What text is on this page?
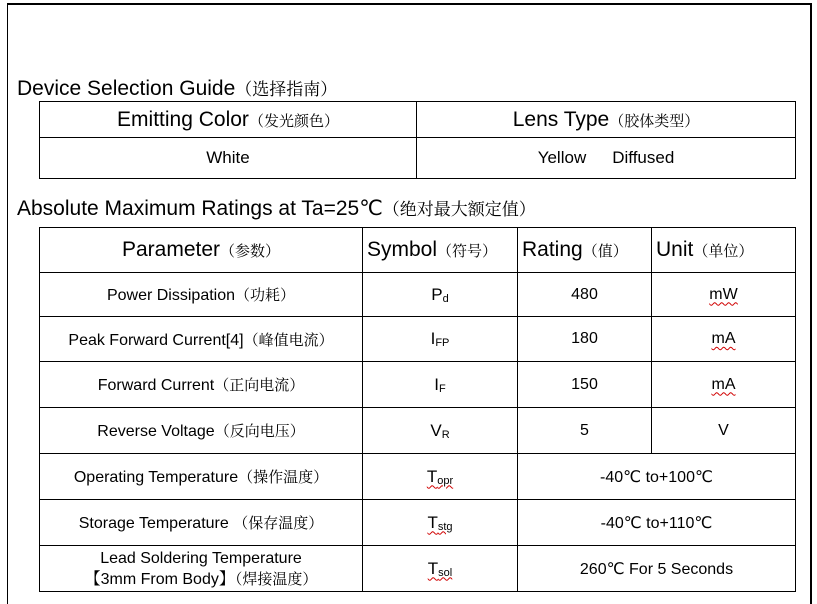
Device Selection Guide（选择指南）
Emitting Color（发光颜色）	Lens Type（胶体类型）
White	Yellow Diffused
Absolute Maximum Ratings at Ta=25℃（绝对最大额定值）
Parameter（参数）	Symbol（符号）	Rating（值）	Unit（单位）
Power Dissipation（功耗）	Pd	480	mW
Peak Forward Current[4]（峰值电流）	IFP	180	mA
Forward Current（正向电流）	IF	150	mA
Reverse Voltage（反向电压）	VR	5	V
Operating Temperature（操作温度）	Topr	-40℃ to+100℃	
Storage Temperature （保存温度）	Tstg	-40℃ to+110℃	

Lead Soldering Temperature
【3mm From Body】（焊接温度）	Tsol	260℃ For 5 Seconds	
